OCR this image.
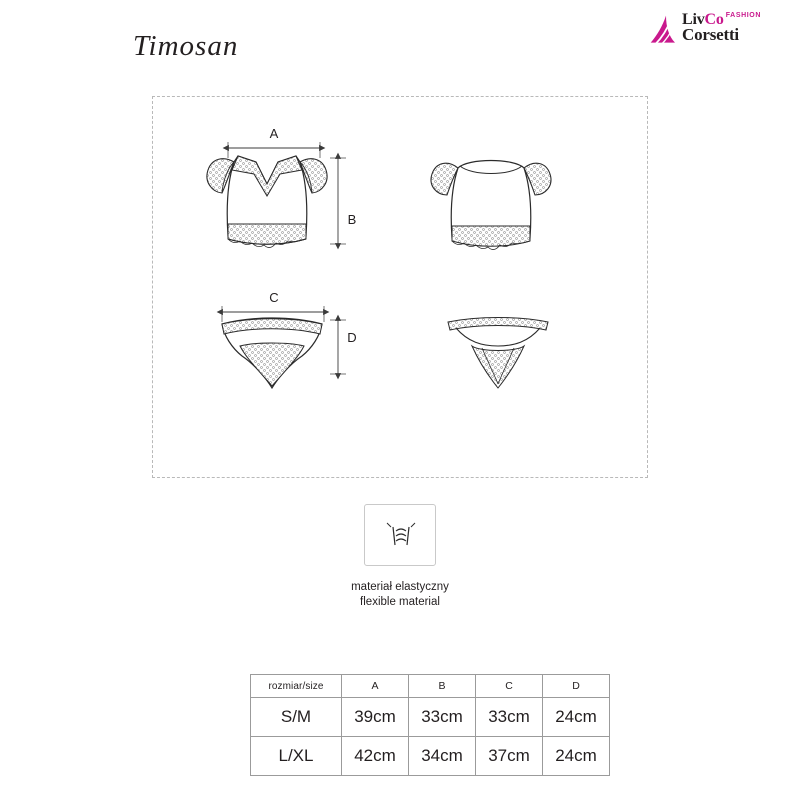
LivCo $^{FASHION}$
Corsetti
Timosan
A
B
C
D
materiał elastyczny
flexible material
rozmiar/size	A	B	C	D
S/M	39cm	33cm	33cm	24cm
L/XL	42cm	34cm	37cm	24cm
